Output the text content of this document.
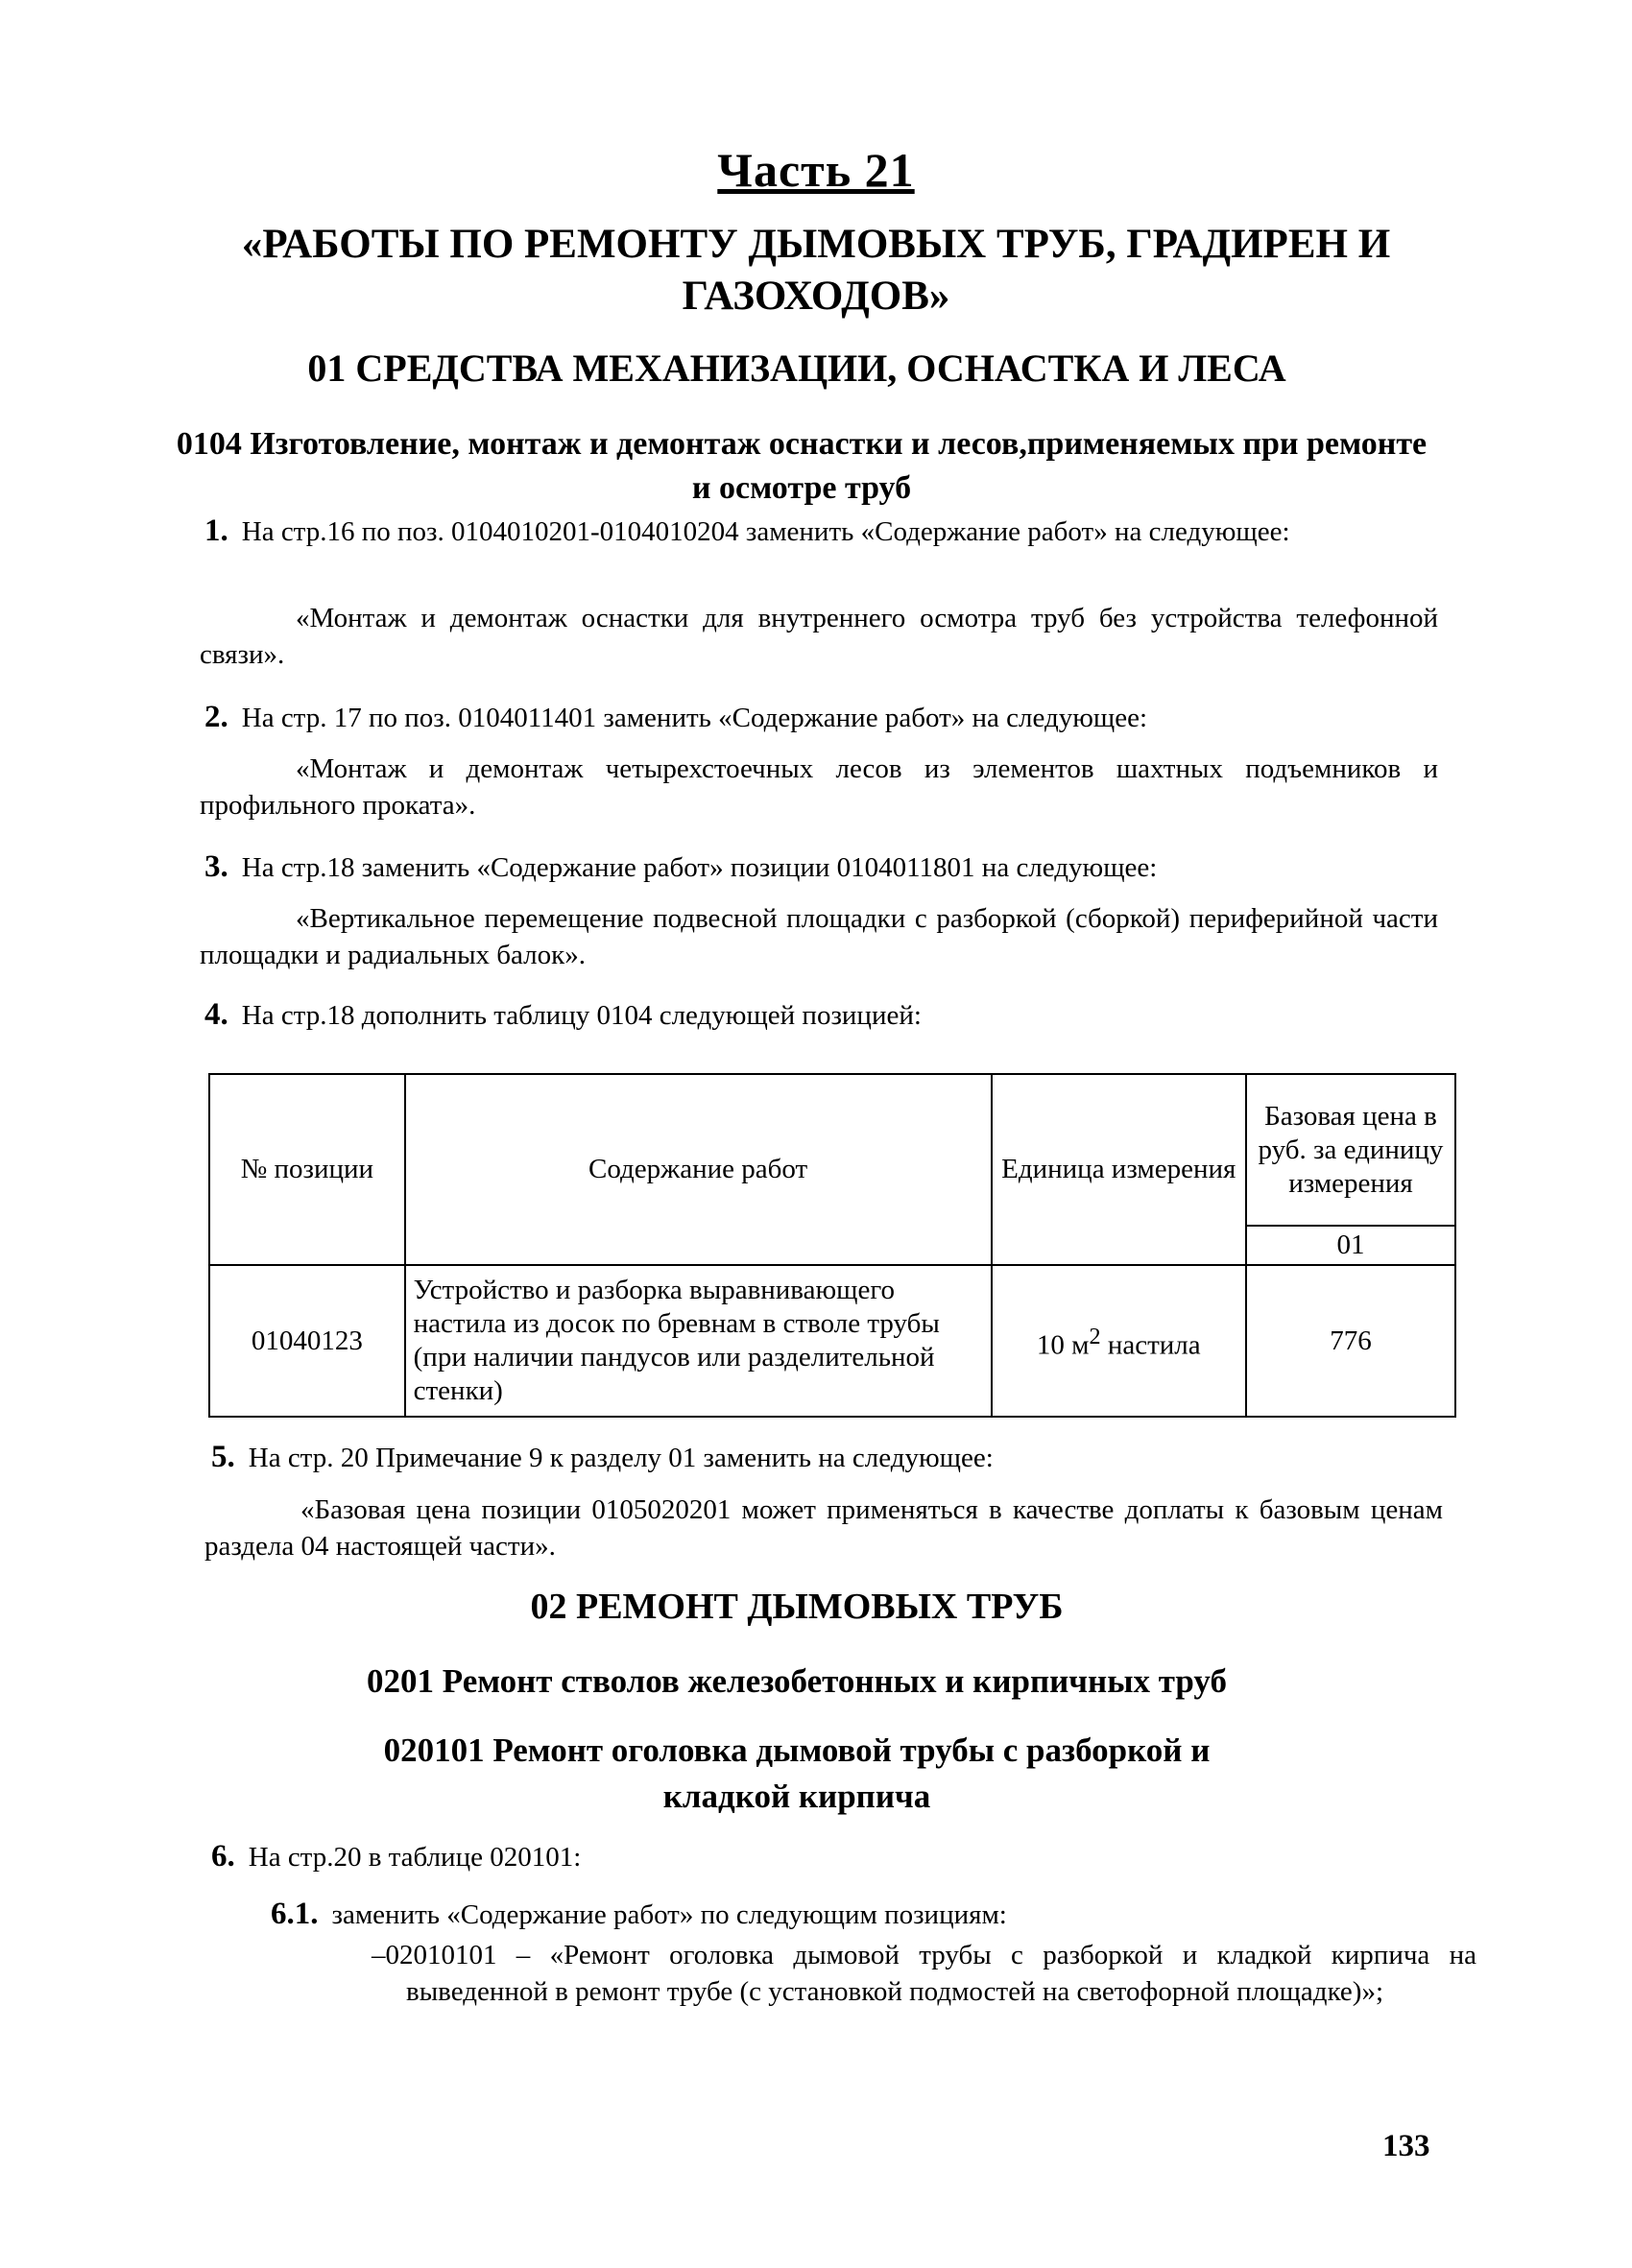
Часть 21
«РАБОТЫ ПО РЕМОНТУ ДЫМОВЫХ ТРУБ, ГРАДИРЕН И ГАЗОХОДОВ»
01 СРЕДСТВА МЕХАНИЗАЦИИ, ОСНАСТКА И ЛЕСА
0104 Изготовление, монтаж и демонтаж оснастки и лесов,применяемых при ремонте и осмотре труб
1. На стр.16 по поз. 0104010201-0104010204 заменить «Содержание работ» на следующее:
«Монтаж и демонтаж оснастки для внутреннего осмотра труб без устройства телефонной связи».
2. На стр. 17 по поз. 0104011401 заменить «Содержание работ» на следующее:
«Монтаж и демонтаж четырехстоечных лесов из элементов шахтных подъемников и профильного проката».
3. На стр.18 заменить «Содержание работ» позиции 0104011801 на следующее:
«Вертикальное перемещение подвесной площадки с разборкой (сборкой) периферийной части площадки и радиальных балок».
4. На стр.18 дополнить таблицу 0104 следующей позицией:
№ позиции	Содержание работ	Единица измерения	Базовая цена в руб. за единицу измерения
			01
01040123	Устройство и разборка выравнивающего настила из досок по бревнам в стволе трубы (при наличии пандусов или разделительной стенки)	10 $м^2$ настила	776
5. На стр. 20 Примечание 9 к разделу 01 заменить на следующее:
«Базовая цена позиции 0105020201 может применяться в качестве доплаты к базовым ценам раздела 04 настоящей части».
02 РЕМОНТ ДЫМОВЫХ ТРУБ
0201 Ремонт стволов железобетонных и кирпичных труб
020101 Ремонт оголовка дымовой трубы с разборкой и кладкой кирпича
6. На стр.20 в таблице 020101:
6.1. заменить «Содержание работ» по следующим позициям:
–02010101 – «Ремонт оголовка дымовой трубы с разборкой и кладкой кирпича на выведенной в ремонт трубе (с установкой подмостей на светофорной площадке)»;
133
